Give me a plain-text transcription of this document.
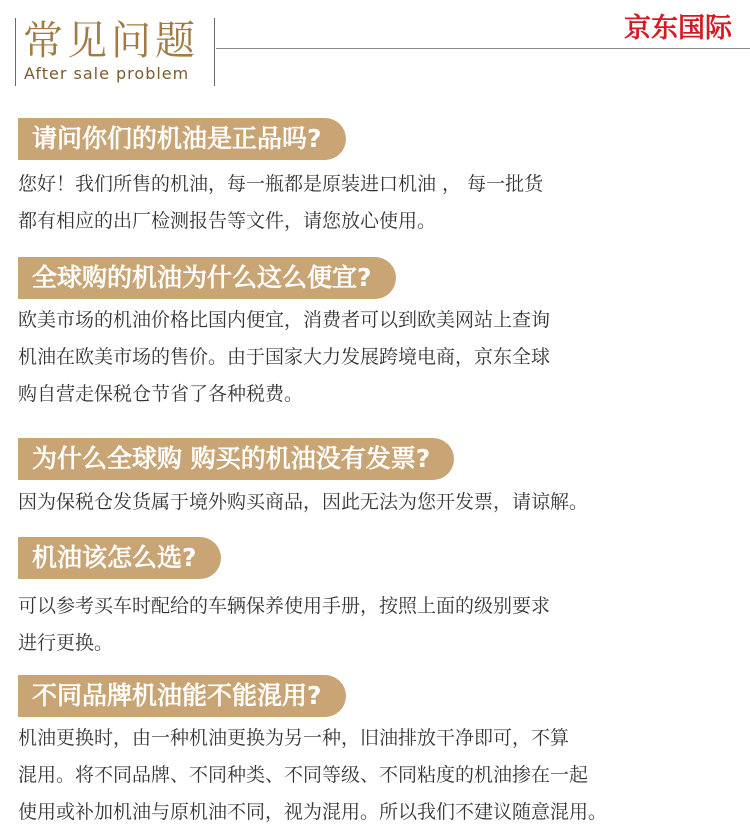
常见问题
After sale problem
京东国际
请问你们的机油是正品吗?
您好！我们所售的机油，每一瓶都是原装进口机油 ， 每一批货
都有相应的出厂检测报告等文件，请您放心使用。
全球购的机油为什么这么便宜?
欧美市场的机油价格比国内便宜，消费者可以到欧美网站上查询
机油在欧美市场的售价。由于国家大力发展跨境电商，京东全球
购自营走保税仓节省了各种税费。
为什么全球购 购买的机油没有发票?
因为保税仓发货属于境外购买商品，因此无法为您开发票，请谅解。
机油该怎么选?
可以参考买车时配给的车辆保养使用手册，按照上面的级别要求
进行更换。
不同品牌机油能不能混用?
机油更换时，由一种机油更换为另一种，旧油排放干净即可，不算
混用。将不同品牌、不同种类、不同等级、不同粘度的机油掺在一起
使用或补加机油与原机油不同，视为混用。所以我们不建议随意混用。
